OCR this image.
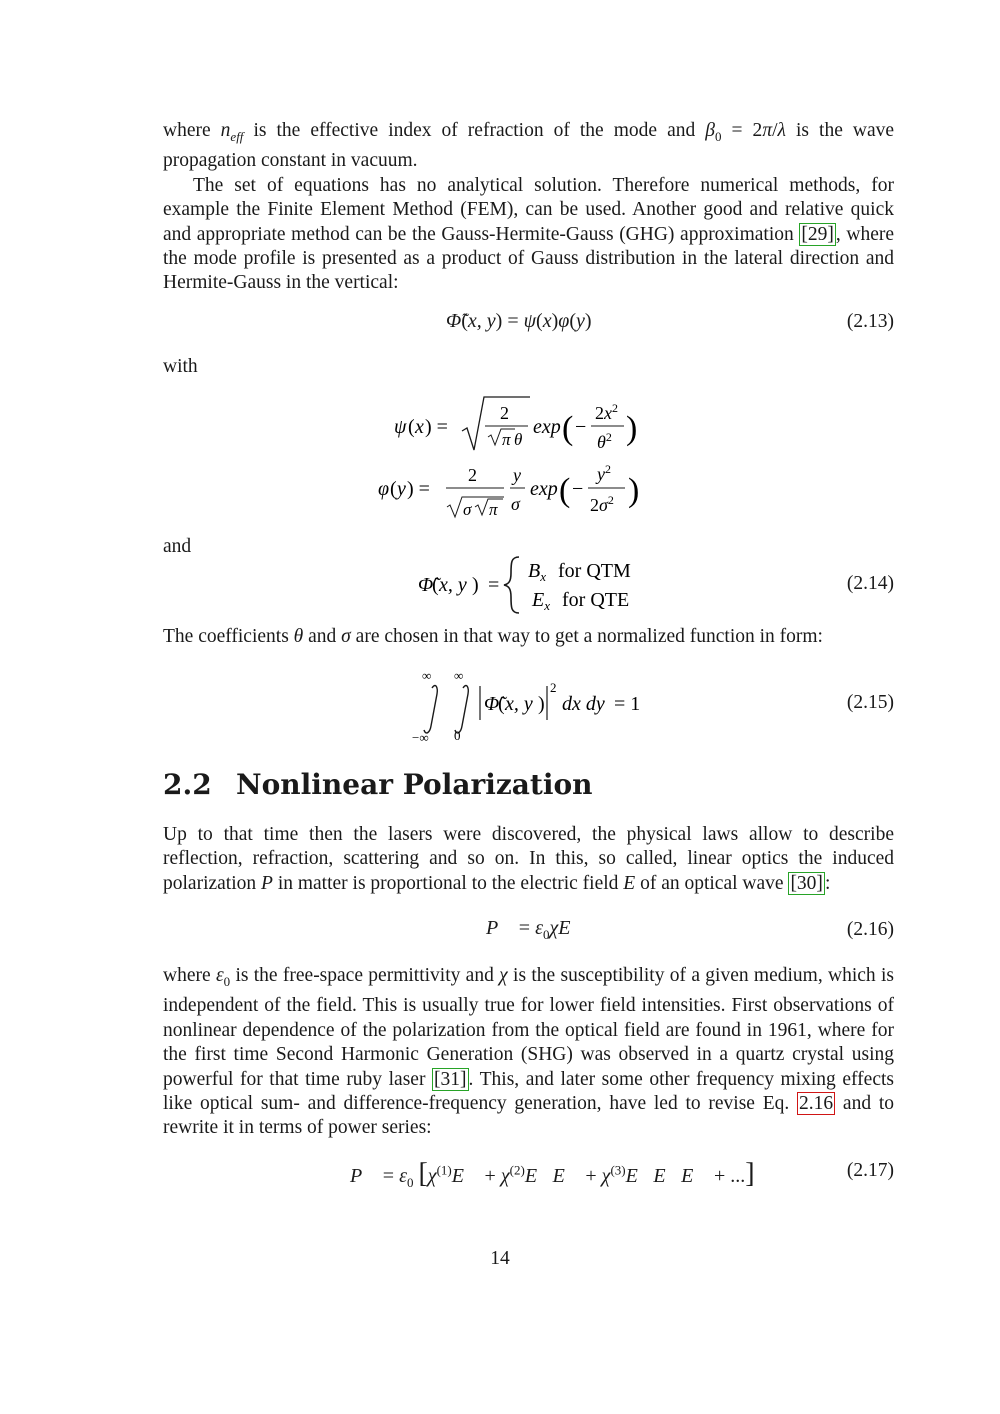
where $n_{eff}$ is the effective index of refraction of the mode and $\beta_0 = 2\pi/\lambda$ is the wave propagation constant in vacuum.

The set of equations has no analytical solution. Therefore numerical methods, for example the Finite Element Method (FEM), can be used. Another good and relative quick and appropriate method can be the Gauss-Hermite-Gauss (GHG) approximation [29] , where the mode profile is presented as a product of Gauss distribution in the lateral direction and Hermite-Gauss in the vertical:

Φ̃(x, y) = ψ(x)φ(y)	(2.13)
with
ψ ( x ) =
2
π θ
exp ( −
$2x^2$
$\theta^2$ )
φ ( y ) =
2
σ π
y
σ
exp ( −
$y^2$
$2\sigma^2$ )
and
Φ̃
( x, y ) =
$B_x$ for QTM
$E_x$ for QTE
(2.14)

The coefficients θ and σ are chosen in that way to get a normalized function in form:

∞
−∞
∞
0
Φ̃
( x, y )
2
dx dy = 1	(2.15)
2.2 Nonlinear Polarization

Up to that time then the lasers were discovered, the physical laws allow to describe reflection, refraction, scattering and so on. In this, so called, linear optics the induced polarization P in matter is proportional to the electric field E of an optical wave [30] :

P⃗ = $\varepsilon_0\chi E⃗$	(2.16)

where $\varepsilon_0$ is the free-space permittivity and χ is the susceptibility of a given medium, which is independent of the field. This is usually true for lower field intensities. First observations of nonlinear dependence of the polarization from the optical field are found in 1961, where for the first time Second Harmonic Generation (SHG) was observed in a quartz crystal using powerful for that time ruby laser [31] . This, and later some other frequency mixing effects like optical sum- and difference-frequency generation, have led to revise Eq. 2.16 and to rewrite it in terms of power series:

P⃗ = $\varepsilon_0$ [$\chi^{(1)}E⃗$ + $\chi^{(2)}E⃗E⃗$ + $\chi^{(3)}E⃗E⃗E⃗$ + ...]	(2.17)
14
